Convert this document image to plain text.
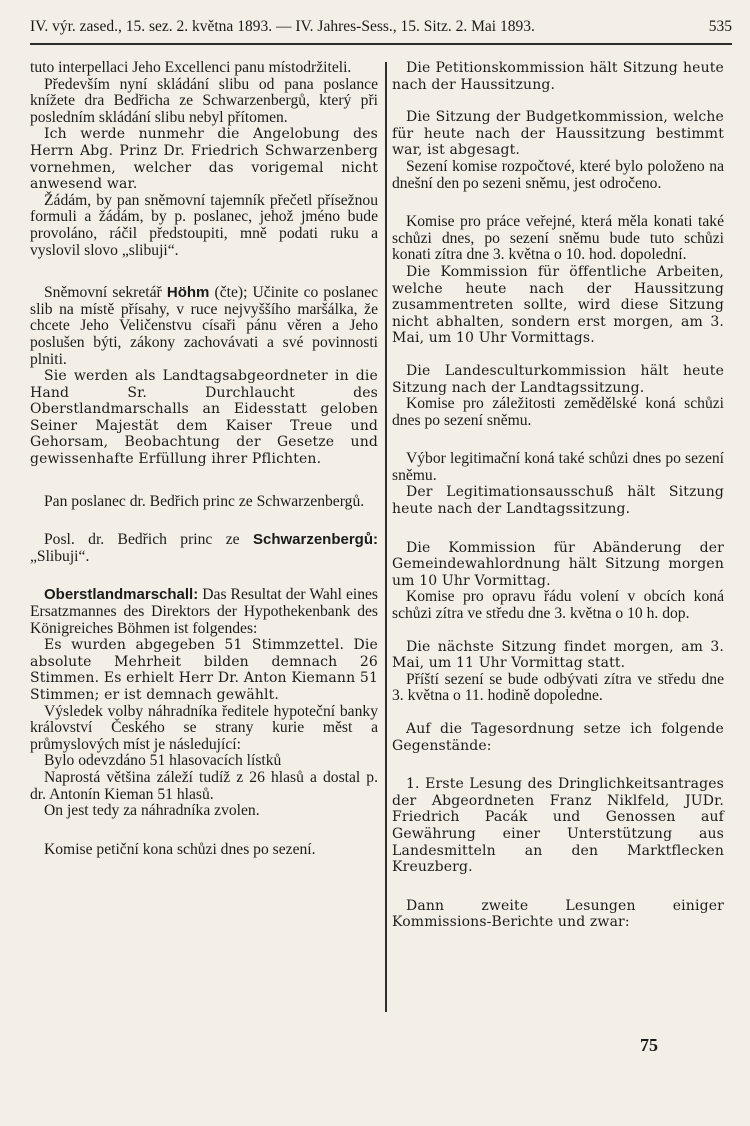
IV. výr. zased., 15. sez. 2. května 1893. — IV. Jahres-Sess., 15. Sitz. 2. Mai 1893.	535

tuto interpellaci Jeho Excellenci panu místodržiteli.

Především nyní skládání slibu od pana poslance knížete dra Bedřicha ze Schwarzenbergů, který při posledním skládání slibu nebyl přítomen.

Ich werde nunmehr die Angelobung des Herrn Abg. Prinz Dr. Friedrich Schwarzenberg vornehmen, welcher das vorigemal nicht anwesend war.

Žádám, by pan sněmovní tajemník přečetl přísežnou formuli a žádám, by p. poslanec, jehož jméno bude provoláno, ráčil předstoupiti, mně podati ruku a vyslovil slovo „slibuji“.

Sněmovní sekretář Höhm (čte); Učinite co poslanec slib na místě přísahy, v ruce nejvyššího maršálka, že chcete Jeho Veličenstvu císaři pánu věren a Jeho poslušen býti, zákony zachovávati a své povinnosti plniti.

Sie werden als Landtagsabgeordneter in die Hand Sr. Durchlaucht des Oberstlandmarschalls an Eidesstatt geloben Seiner Majestät dem Kaiser Treue und Gehorsam, Beobachtung der Gesetze und gewissenhafte Erfüllung ihrer Pflichten.

Pan poslanec dr. Bedřich princ ze Schwarzenbergů.

Posl. dr. Bedřich princ ze Schwarzenbergů: „Slibuji“.

Oberstlandmarschall: Das Resultat der Wahl eines Ersatzmannes des Direktors der Hypothekenbank des Königreiches Böhmen ist folgendes:

Es wurden abgegeben 51 Stimmzettel. Die absolute Mehrheit bilden demnach 26 Stimmen. Es erhielt Herr Dr. Anton Kiemann 51 Stimmen; er ist demnach gewählt.

Výsledek volby náhradníka ředitele hypoteční banky království Českého se strany kurie měst a průmyslových míst je následující:

Bylo odevzdáno 51 hlasovacích lístků

Naprostá většina záleží tudíž z 26 hlasů a dostal p. dr. Antonín Kieman 51 hlasů.

On jest tedy za náhradníka zvolen.

Komise petiční kona schůzi dnes po sezení.

Die Petitionskommission hält Sitzung heute nach der Haussitzung.

Die Sitzung der Budgetkommission, welche für heute nach der Haussitzung bestimmt war, ist abgesagt.

Sezení komise rozpočtové, které bylo položeno na dnešní den po sezeni sněmu, jest odročeno.

Komise pro práce veřejné, která měla konati také schůzi dnes, po sezení sněmu bude tuto schůzi konati zítra dne 3. května o 10. hod. dopolední.

Die Kommission für öffentliche Arbeiten, welche heute nach der Haussitzung zusammentreten sollte, wird diese Sitzung nicht abhalten, sondern erst morgen, am 3. Mai, um 10 Uhr Vormittags.

Die Landesculturkommission hält heute Sitzung nach der Landtagssitzung.

Komise pro záležitosti zemědělské koná schůzi dnes po sezení sněmu.

Výbor legitimační koná také schůzi dnes po sezení sněmu.

Der Legitimationsausschuß hält Sitzung heute nach der Landtagssitzung.

Die Kommission für Abänderung der Gemeindewahlordnung hält Sitzung morgen um 10 Uhr Vormittag.

Komise pro opravu řádu volení v obcích koná schůzi zítra ve středu dne 3. května o 10 h. dop.

Die nächste Sitzung findet morgen, am 3. Mai, um 11 Uhr Vormittag statt.

Příští sezení se bude odbývati zítra ve středu dne 3. května o 11. hodině dopoledne.

Auf die Tagesordnung setze ich folgende Gegenstände:

1. Erste Lesung des Dringlichkeitsantrages der Abgeordneten Franz Niklfeld, JUDr. Friedrich Pacák und Genossen auf Gewährung einer Unterstützung aus Landesmitteln an den Marktflecken Kreuzberg.

Dann zweite Lesungen einiger Kommissions-Berichte und zwar:

75
